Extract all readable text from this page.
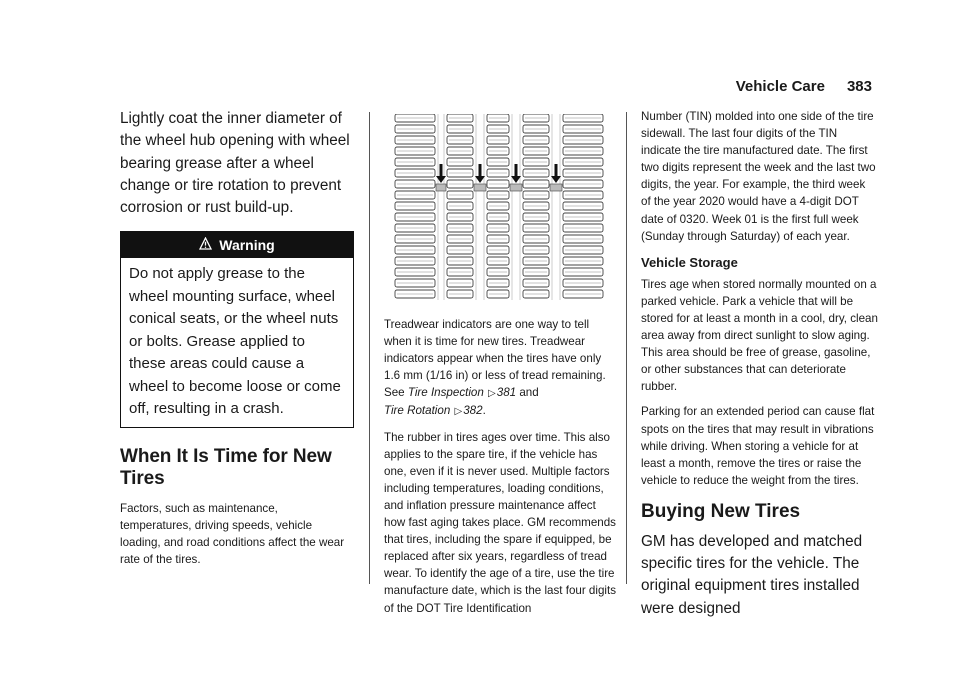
Vehicle Care 383

Lightly coat the inner diameter of the wheel hub opening with wheel bearing grease after a wheel change or tire rotation to prevent corrosion or rust build-up.

Warning
Do not apply grease to the wheel mounting surface, wheel conical seats, or the wheel nuts or bolts. Grease applied to these areas could cause a wheel to become loose or come off, resulting in a crash.
When It Is Time for New Tires

Factors, such as maintenance, temperatures, driving speeds, vehicle loading, and road conditions affect the wear rate of the tires.

Treadwear indicators are one way to tell when it is time for new tires. Treadwear indicators appear when the tires have only 1.6 mm (1/16 in) or less of tread remaining. See Tire Inspection ▷381 and
Tire Rotation ▷382.

The rubber in tires ages over time. This also applies to the spare tire, if the vehicle has one, even if it is never used. Multiple factors including temperatures, loading conditions, and inflation pressure maintenance affect how fast aging takes place. GM recommends that tires, including the spare if equipped, be replaced after six years, regardless of tread wear. To identify the age of a tire, use the tire manufacture date, which is the last four digits of the DOT Tire Identification

Number (TIN) molded into one side of the tire sidewall. The last four digits of the TIN indicate the tire manufactured date. The first two digits represent the week and the last two digits, the year. For example, the third week of the year 2020 would have a 4-digit DOT date of 0320. Week 01 is the first full week (Sunday through Saturday) of each year.

Vehicle Storage

Tires age when stored normally mounted on a parked vehicle. Park a vehicle that will be stored for at least a month in a cool, dry, clean area away from direct sunlight to slow aging. This area should be free of grease, gasoline, or other substances that can deteriorate rubber.

Parking for an extended period can cause flat spots on the tires that may result in vibrations while driving. When storing a vehicle for at least a month, remove the tires or raise the vehicle to reduce the weight from the tires.

Buying New Tires

GM has developed and matched specific tires for the vehicle. The original equipment tires installed were designed
